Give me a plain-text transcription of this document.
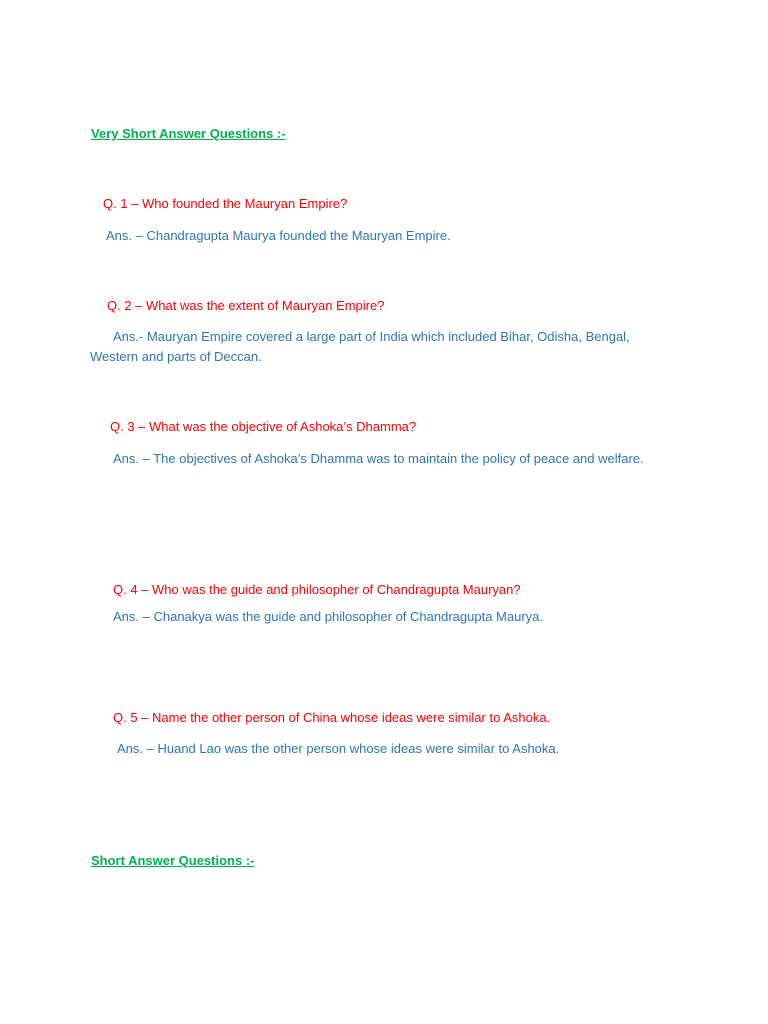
Very Short Answer Questions :-
Q. 1 – Who founded the Mauryan Empire?
Ans. – Chandragupta Maurya founded the Mauryan Empire.
Q. 2 – What was the extent of Mauryan Empire?
Ans.- Mauryan Empire covered a large part of India which included Bihar, Odisha, Bengal, Western and parts of Deccan.
Q. 3 – What was the objective of Ashoka’s Dhamma?
Ans. – The objectives of Ashoka’s Dhamma was to maintain the policy of peace and welfare.
Q. 4 – Who was the guide and philosopher of Chandragupta Mauryan?
Ans. – Chanakya was the guide and philosopher of Chandragupta Maurya.
Q. 5 – Name the other person of China whose ideas were similar to Ashoka.
Ans. – Huand Lao was the other person whose ideas were similar to Ashoka.
Short Answer Questions :-
